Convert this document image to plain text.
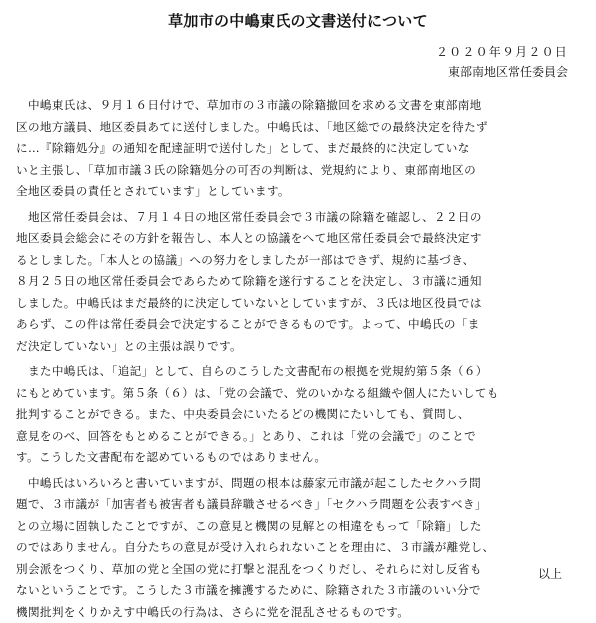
草加市の中嶋東氏の文書送付について
２０２０年９月２０日
東部南地区常任委員会
　中嶋東氏は、９月１６日付けで、草加市の３市議の除籍撤回を求める文書を東部南地
区の地方議員、地区委員あてに送付しました。中嶋氏は、「地区総での最終決定を待たず
に…『除籍処分』の通知を配達証明で送付した」として、まだ最終的に決定していな
いと主張し、「草加市議３氏の除籍処分の可否の判断は、党規約により、東部南地区の
全地区委員の責任とされています」としています。
　地区常任委員会は、７月１４日の地区常任委員会で３市議の除籍を確認し、２２日の
地区委員会総会にその方針を報告し、本人との協議をへて地区常任委員会で最終決定す
るとしました。「本人との協議」への努力をしましたが一部はできず、規約に基づき、
８月２５日の地区常任委員会であらためて除籍を遂行することを決定し、３市議に通知
しました。中嶋氏はまだ最終的に決定していないとしていますが、３氏は地区役員では
あらず、この件は常任委員会で決定することができるものです。よって、中嶋氏の「ま
だ決定していない」との主張は誤りです。
　また中嶋氏は、「追記」として、自らのこうした文書配布の根拠を党規約第５条（６）
にもとめています。第５条（６）は、「党の会議で、党のいかなる組織や個人にたいしても
批判することができる。また、中央委員会にいたるどの機関にたいしても、質問し、
意見をのべ、回答をもとめることができる。」とあり、これは「党の会議で」のことで
す。こうした文書配布を認めているものではありません。
　中嶋氏はいろいろと書いていますが、問題の根本は藤家元市議が起こしたセクハラ問
題で、３市議が「加害者も被害者も議員辞職させるべき」「セクハラ問題を公表すべき」
との立場に固執したことですが、この意見と機関の見解との相違をもって「除籍」した
のではありません。自分たちの意見が受け入れられないことを理由に、３市議が離党し、
別会派をつくり、草加の党と全国の党に打撃と混乱をつくりだし、それらに対し反省も
ないということです。こうした３市議を擁護するために、除籍された３市議のいい分で
機関批判をくりかえす中嶋氏の行為は、さらに党を混乱させるものです。
以上
